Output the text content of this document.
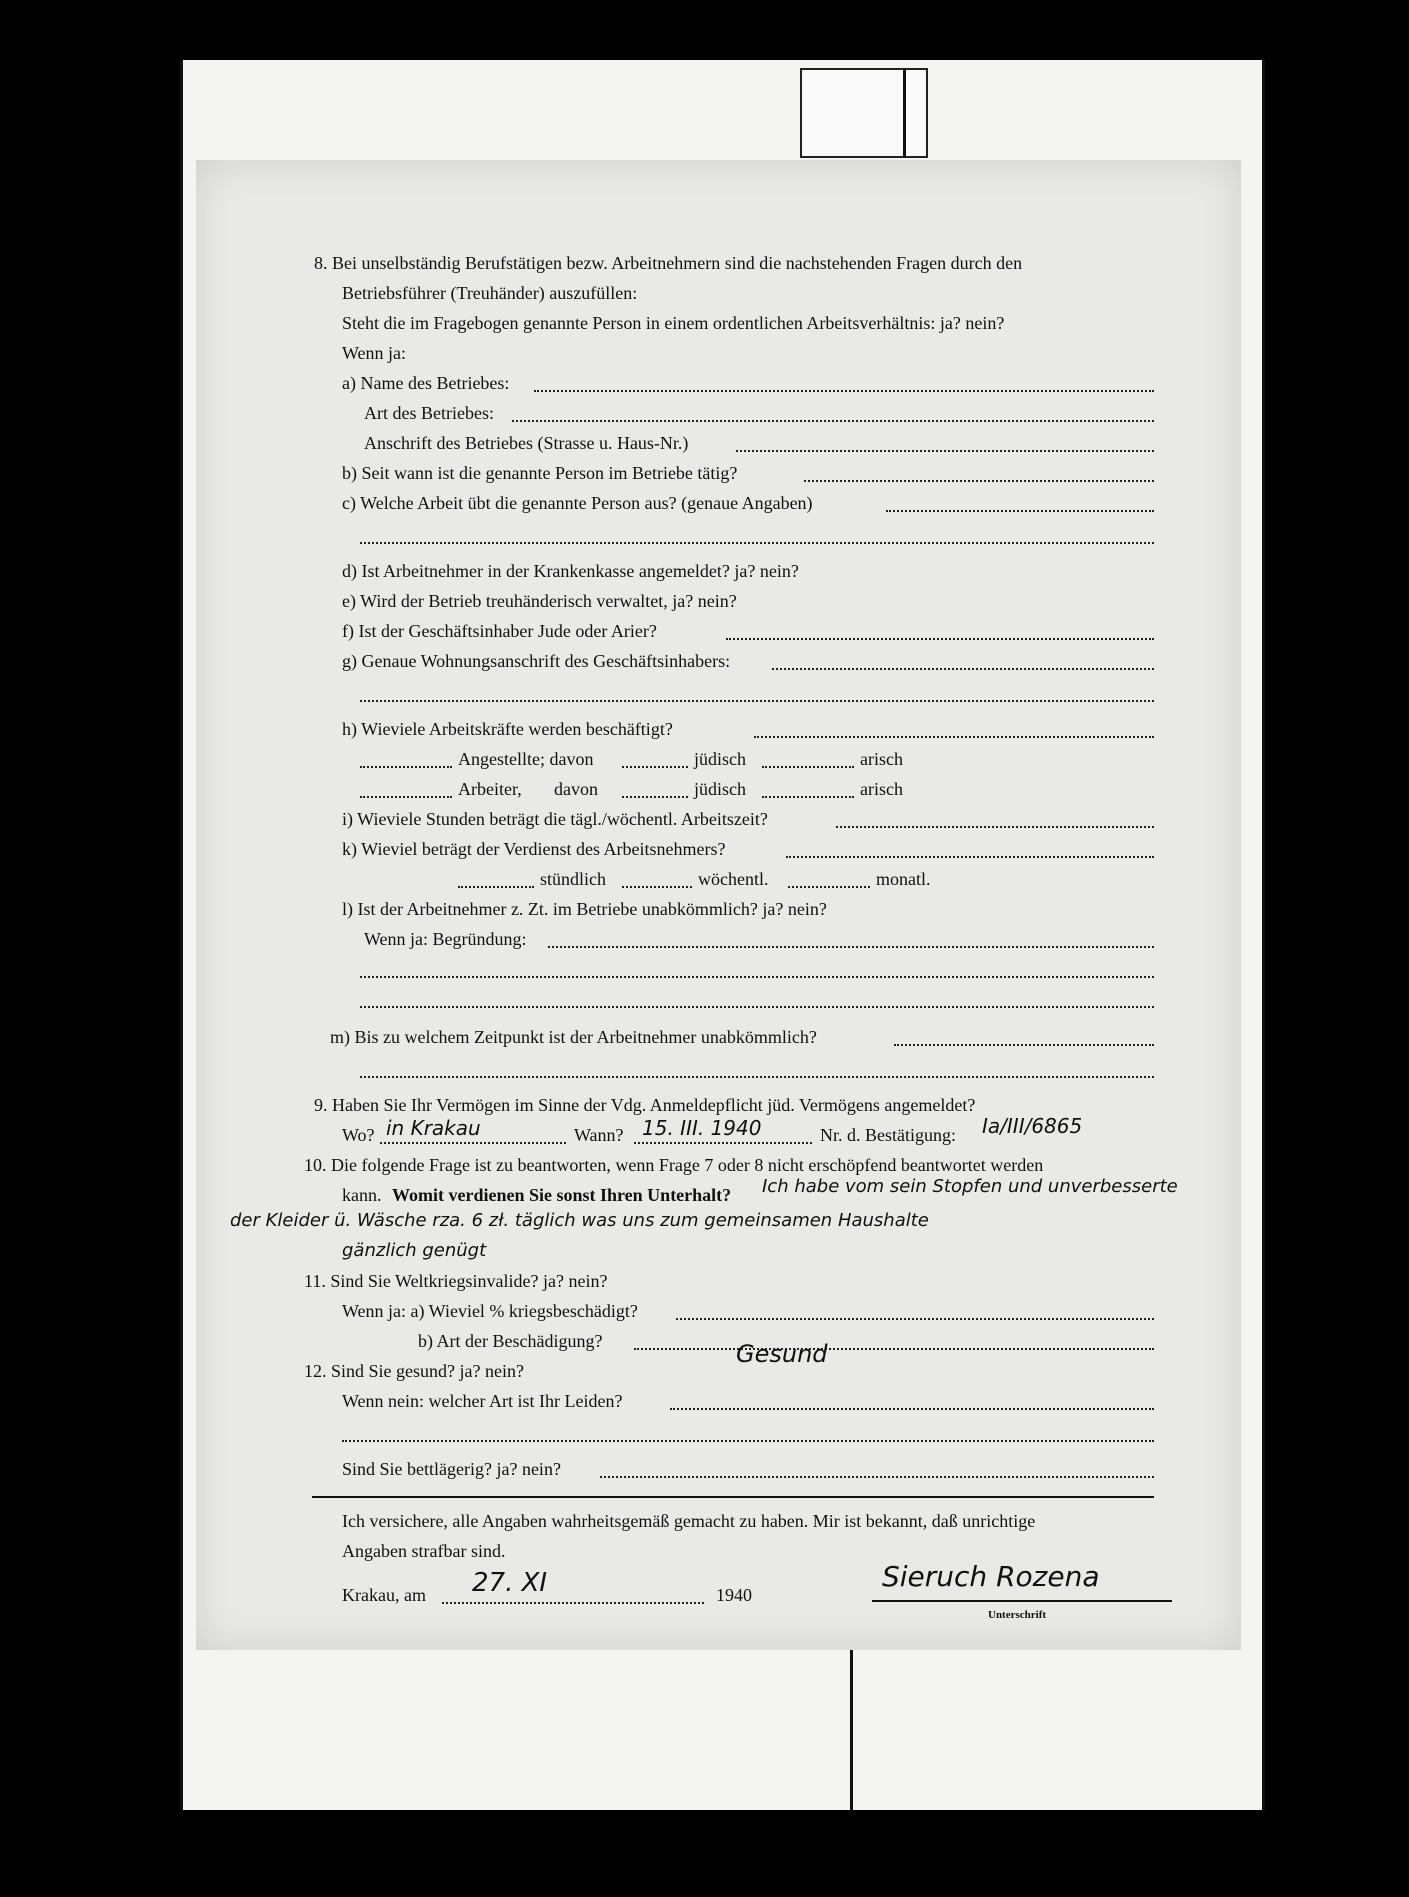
8. Bei unselbständig Berufstätigen bezw. Arbeitnehmern sind die nachstehenden Fragen durch den
Betriebsführer (Treuhänder) auszufüllen:
Steht die im Fragebogen genannte Person in einem ordentlichen Arbeitsverhältnis: ja? nein?
Wenn ja:
a) Name des Betriebes:
Art des Betriebes:
Anschrift des Betriebes (Strasse u. Haus-Nr.)
b) Seit wann ist die genannte Person im Betriebe tätig?
c) Welche Arbeit übt die genannte Person aus? (genaue Angaben)
d) Ist Arbeitnehmer in der Krankenkasse angemeldet? ja? nein?
e) Wird der Betrieb treuhänderisch verwaltet, ja? nein?
f) Ist der Geschäftsinhaber Jude oder Arier?
g) Genaue Wohnungsanschrift des Geschäftsinhabers:
h) Wieviele Arbeitskräfte werden beschäftigt?
Angestellte; davon	jüdisch	arisch
Arbeiter, davon	jüdisch	arisch
i) Wieviele Stunden beträgt die tägl./wöchentl. Arbeitszeit?
k) Wieviel beträgt der Verdienst des Arbeitsnehmers?
stündlich	wöchentl.	monatl.
l) Ist der Arbeitnehmer z. Zt. im Betriebe unabkömmlich? ja? nein?
Wenn ja: Begründung:
m) Bis zu welchem Zeitpunkt ist der Arbeitnehmer unabkömmlich?
9. Haben Sie Ihr Vermögen im Sinne der Vdg. Anmeldepflicht jüd. Vermögens angemeldet?
Wo? in Krakau	Wann? 15. III. 1940	Nr. d. Bestätigung: Ia/III/6865
10. Die folgende Frage ist zu beantworten, wenn Frage 7 oder 8 nicht erschöpfend beantwortet werden
kann. Womit verdienen Sie sonst Ihren Unterhalt? Ich habe vom sein Stopfen und unverbesserte
der Kleider ü. Wäsche rza. 6 zł. täglich was uns zum gemeinsamen Haushalte
gänzlich genügt
11. Sind Sie Weltkriegsinvalide? ja? nein?
Wenn ja: a) Wieviel % kriegsbeschädigt?
b) Art der Beschädigung?
12. Sind Sie gesund? ja? nein?
Gesund
Wenn nein: welcher Art ist Ihr Leiden?
Sind Sie bettlägerig? ja? nein?
Ich versichere, alle Angaben wahrheitsgemäß gemacht zu haben. Mir ist bekannt, daß unrichtige
Angaben strafbar sind.
Krakau, am 27. XI	1940
Sieruch Rozena
Unterschrift
